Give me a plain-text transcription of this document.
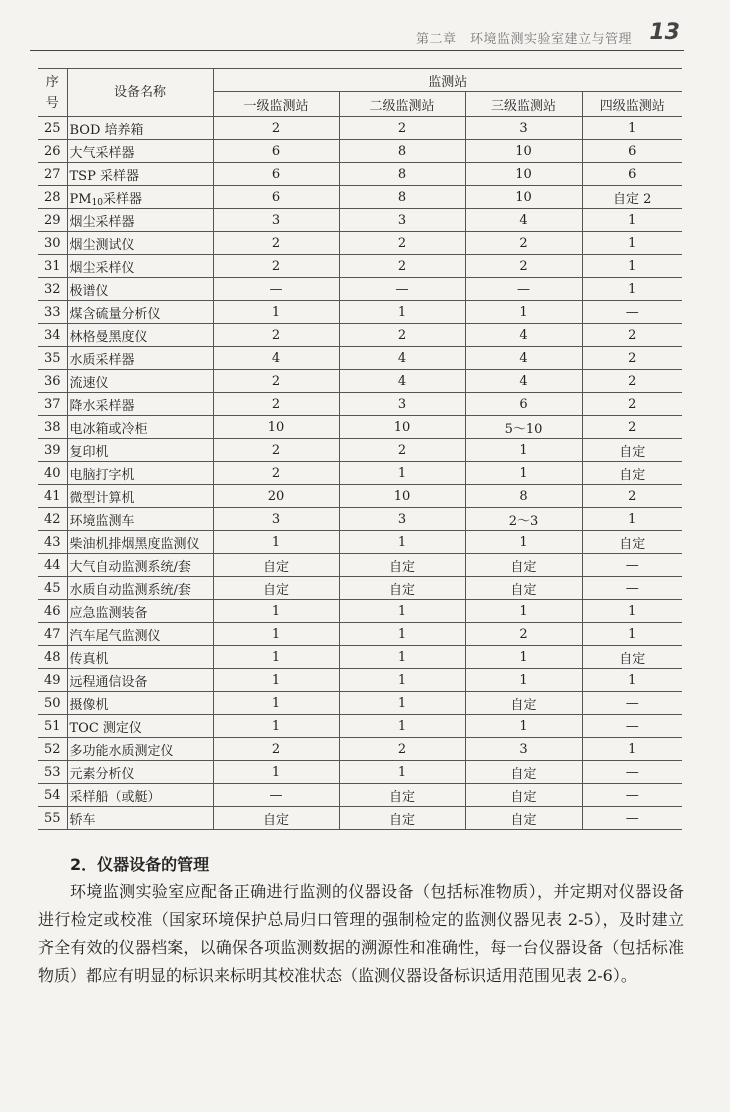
第二章　环境监测实验室建立与管理 13
序
号	设备名称	监测站			
		一级监测站	二级监测站	三级监测站	四级监测站
25	BOD 培养箱	2	2	3	1
26	大气采样器	6	8	10	6
27	TSP 采样器	6	8	10	6
28	$PM_{10}$采样器	6	8	10	自定 2
29	烟尘采样器	3	3	4	1
30	烟尘测试仪	2	2	2	1
31	烟尘采样仪	2	2	2	1
32	极谱仪	—	—	—	1
33	煤含硫量分析仪	1	1	1	—
34	林格曼黑度仪	2	2	4	2
35	水质采样器	4	4	4	2
36	流速仪	2	4	4	2
37	降水采样器	2	3	6	2
38	电冰箱或冷柜	10	10	5～10	2
39	复印机	2	2	1	自定
40	电脑打字机	2	1	1	自定
41	微型计算机	20	10	8	2
42	环境监测车	3	3	2～3	1
43	柴油机排烟黑度监测仪	1	1	1	自定
44	大气自动监测系统/套	自定	自定	自定	—
45	水质自动监测系统/套	自定	自定	自定	—
46	应急监测装备	1	1	1	1
47	汽车尾气监测仪	1	1	2	1
48	传真机	1	1	1	自定
49	远程通信设备	1	1	1	1
50	摄像机	1	1	自定	—
51	TOC 测定仪	1	1	1	—
52	多功能水质测定仪	2	2	3	1
53	元素分析仪	1	1	自定	—
54	采样船（或艇）	—	自定	自定	—
55	轿车	自定	自定	自定	—
2．仪器设备的管理

环境监测实验室应配备正确进行监测的仪器设备（包括标准物质），并定期对仪器设备进行检定或校准（国家环境保护总局归口管理的强制检定的监测仪器见表 2-5），及时建立齐全有效的仪器档案，以确保各项监测数据的溯源性和准确性，每一台仪器设备（包括标准物质）都应有明显的标识来标明其校准状态（监测仪器设备标识适用范围见表 2-6）。
